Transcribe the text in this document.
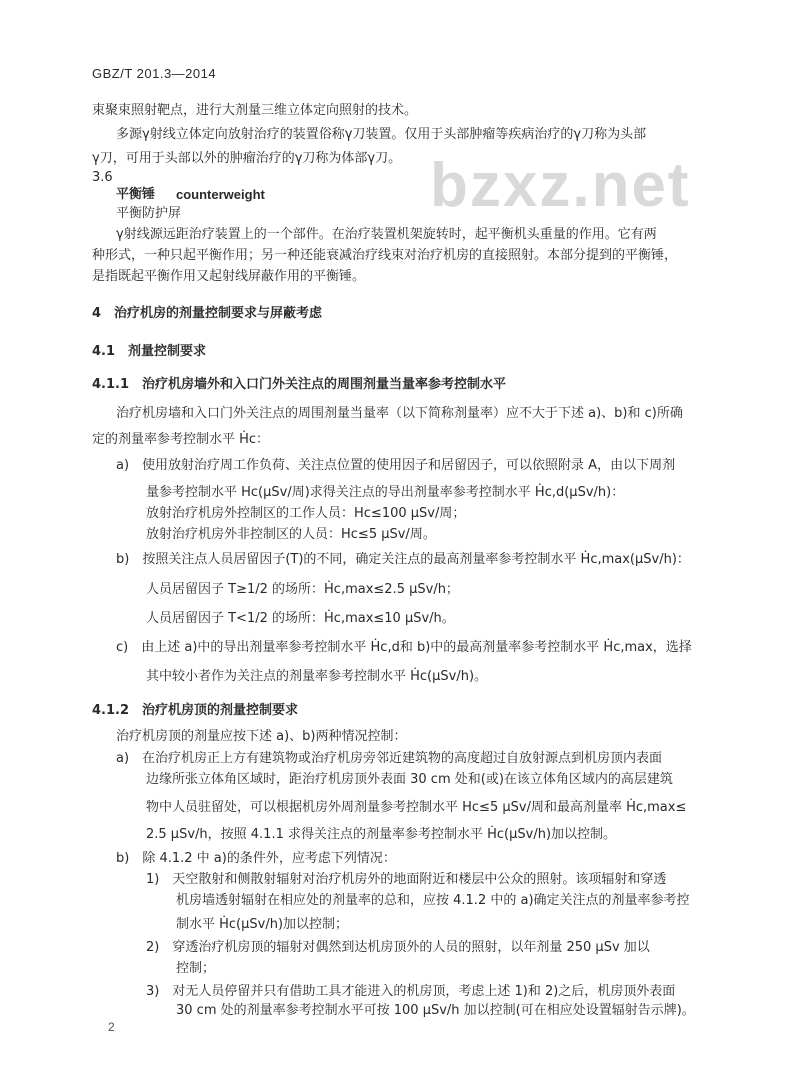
GBZ/T 201.3—2014
bzxz.net
束聚束照射靶点，进行大剂量三维立体定向照射的技术。
多源γ射线立体定向放射治疗的装置俗称γ刀装置。仅用于头部肿瘤等疾病治疗的γ刀称为头部
γ刀，可用于头部以外的肿瘤治疗的γ刀称为体部γ刀。
3.6
平衡锤 counterweight
平衡防护屏
γ射线源远距治疗装置上的一个部件。在治疗装置机架旋转时，起平衡机头重量的作用。它有两
种形式，一种只起平衡作用；另一种还能衰减治疗线束对治疗机房的直接照射。本部分提到的平衡锤，
是指既起平衡作用又起射线屏蔽作用的平衡锤。
4　治疗机房的剂量控制要求与屏蔽考虑
4.1　剂量控制要求
4.1.1　治疗机房墙外和入口门外关注点的周围剂量当量率参考控制水平
治疗机房墙和入口门外关注点的周围剂量当量率（以下简称剂量率）应不大于下述 a)、b)和 c)所确
定的剂量率参考控制水平 Ḣc：
a)　使用放射治疗周工作负荷、关注点位置的使用因子和居留因子，可以依照附录 A，由以下周剂
量参考控制水平 Hc(μSv/周)求得关注点的导出剂量率参考控制水平 Ḣc,d(μSv/h)：
放射治疗机房外控制区的工作人员：Hc≤100 μSv/周；
放射治疗机房外非控制区的人员：Hc≤5 μSv/周。
b)　按照关注点人员居留因子(T)的不同，确定关注点的最高剂量率参考控制水平 Ḣc,max(μSv/h)：
人员居留因子 T≥1/2 的场所：Ḣc,max≤2.5 μSv/h；
人员居留因子 T<1/2 的场所：Ḣc,max≤10 μSv/h。
c)　由上述 a)中的导出剂量率参考控制水平 Ḣc,d和 b)中的最高剂量率参考控制水平 Ḣc,max，选择
其中较小者作为关注点的剂量率参考控制水平 Ḣc(μSv/h)。
4.1.2　治疗机房顶的剂量控制要求
治疗机房顶的剂量应按下述 a)、b)两种情况控制：
a)　在治疗机房正上方有建筑物或治疗机房旁邻近建筑物的高度超过自放射源点到机房顶内表面
边缘所张立体角区域时，距治疗机房顶外表面 30 cm 处和(或)在该立体角区域内的高层建筑
物中人员驻留处，可以根据机房外周剂量参考控制水平 Hc≤5 μSv/周和最高剂量率 Ḣc,max≤
2.5 μSv/h，按照 4.1.1 求得关注点的剂量率参考控制水平 Ḣc(μSv/h)加以控制。
b)　除 4.1.2 中 a)的条件外，应考虑下列情况：
1)　天空散射和侧散射辐射对治疗机房外的地面附近和楼层中公众的照射。该项辐射和穿透
机房墙透射辐射在相应处的剂量率的总和，应按 4.1.2 中的 a)确定关注点的剂量率参考控
制水平 Ḣc(μSv/h)加以控制；
2)　穿透治疗机房顶的辐射对偶然到达机房顶外的人员的照射，以年剂量 250 μSv 加以
控制；
3)　对无人员停留并只有借助工具才能进入的机房顶，考虑上述 1)和 2)之后，机房顶外表面
30 cm 处的剂量率参考控制水平可按 100 μSv/h 加以控制(可在相应处设置辐射告示牌)。
2
